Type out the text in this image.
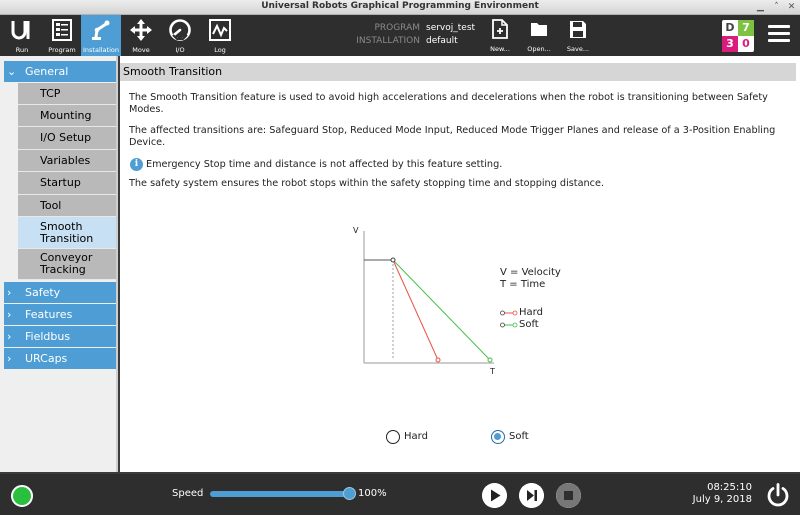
Universal Robots Graphical Programming Environment	▁	˄ ✕
Run	Program	Installation	Move	I/O	Log
PROGRAM servoj_test
INSTALLATION default
New...	Open...	Save...
D 7
3 0
⌄ General
TCP
Mounting
I/O Setup
Variables
Startup
Tool
Smooth
Transition
Conveyor
Tracking
›	Safety
›	Features
›	Fieldbus
›	URCaps
Smooth Transition
The Smooth Transition feature is used to avoid high accelerations and decelerations when the robot is transitioning between Safety Modes.
The affected transitions are: Safeguard Stop, Reduced Mode Input, Reduced Mode Trigger Planes and release of a 3-Position Enabling Device.
i Emergency Stop time and distance is not affected by this feature setting.
The safety system ensures the robot stops within the safety stopping time and stopping distance.
V
T
V = Velocity
T = Time
Hard
Soft
Hard	Soft
Speed	100%
08:25:10
July 9, 2018
